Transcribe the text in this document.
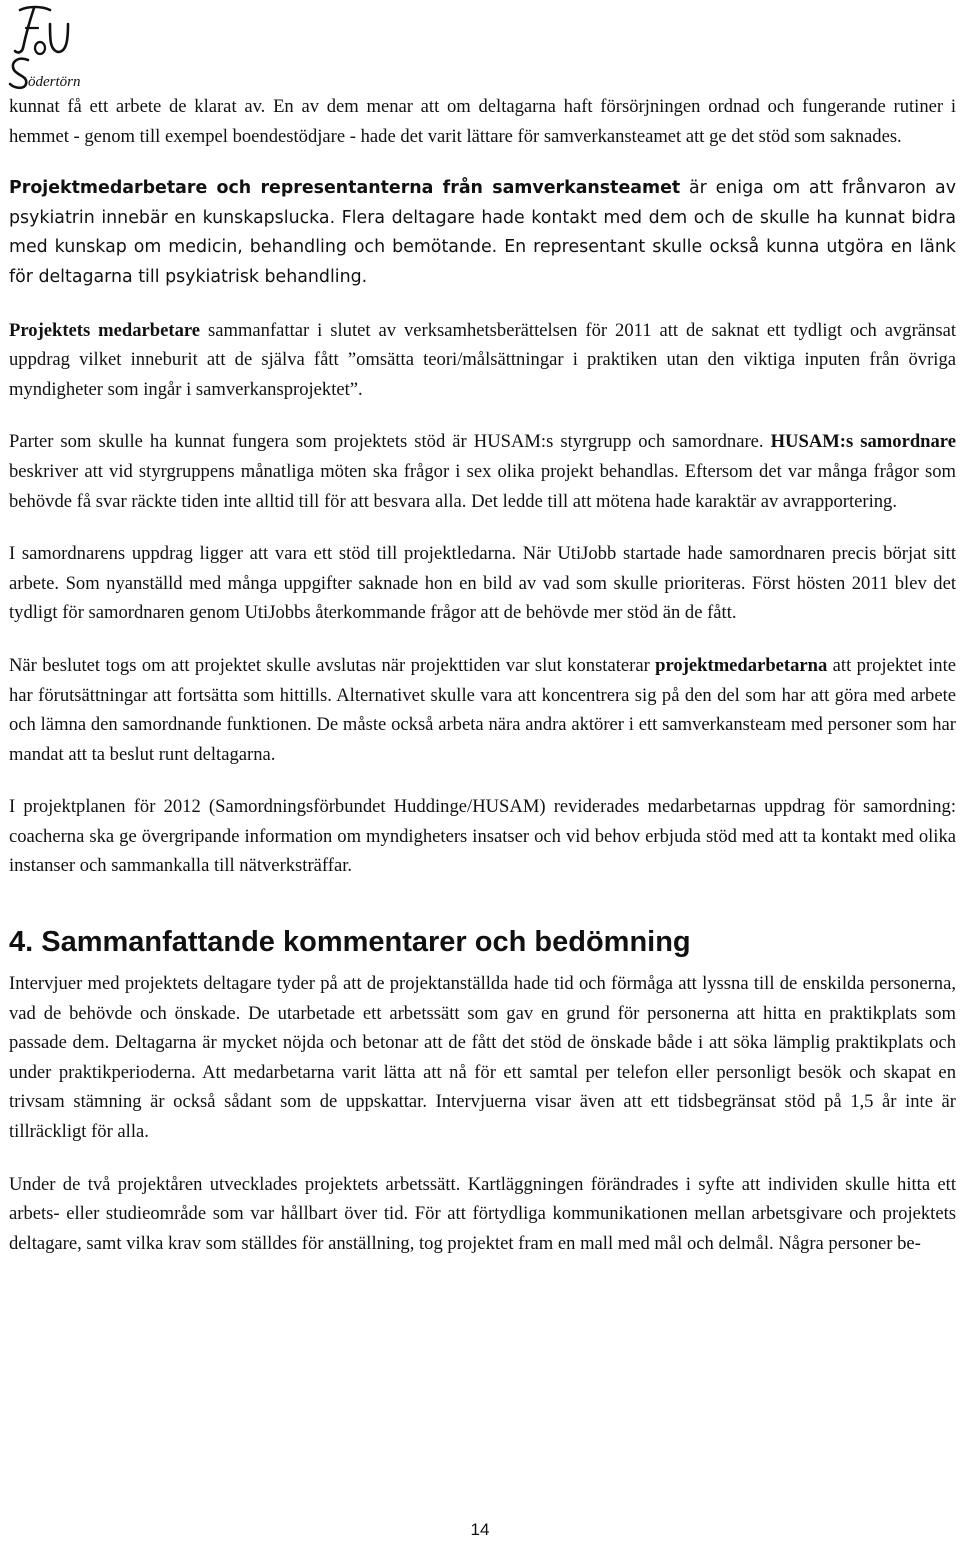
ödertörn

kunnat få ett arbete de klarat av. En av dem menar att om deltagarna haft försörjningen ordnad och fungerande rutiner i hemmet - genom till exempel boendestödjare - hade det varit lättare för samverkansteamet att ge det stöd som saknades.

Projektmedarbetare och representanterna från samverkansteamet är eniga om att frånvaron av psykiatrin innebär en kunskapslucka. Flera deltagare hade kontakt med dem och de skulle ha kunnat bidra med kunskap om medicin, behandling och bemötande. En representant skulle också kunna utgöra en länk för deltagarna till psykiatrisk behandling.

Projektets medarbetare sammanfattar i slutet av verksamhetsberättelsen för 2011 att de saknat ett tydligt och avgränsat uppdrag vilket inneburit att de själva fått ”omsätta teori/målsättningar i praktiken utan den viktiga inputen från övriga myndigheter som ingår i samverkansprojektet”.

Parter som skulle ha kunnat fungera som projektets stöd är HUSAM:s styrgrupp och samordnare. HUSAM:s samordnare beskriver att vid styrgruppens månatliga möten ska frågor i sex olika projekt behandlas. Eftersom det var många frågor som behövde få svar räckte tiden inte alltid till för att besvara alla. Det ledde till att mötena hade karaktär av avrapportering.

I samordnarens uppdrag ligger att vara ett stöd till projektledarna. När UtiJobb startade hade samordnaren precis börjat sitt arbete. Som nyanställd med många uppgifter saknade hon en bild av vad som skulle prioriteras. Först hösten 2011 blev det tydligt för samordnaren genom UtiJobbs återkommande frågor att de behövde mer stöd än de fått.

När beslutet togs om att projektet skulle avslutas när projekttiden var slut konstaterar projektmedarbetarna att projektet inte har förutsättningar att fortsätta som hittills. Alternativet skulle vara att koncentrera sig på den del som har att göra med arbete och lämna den samordnande funktionen. De måste också arbeta nära andra aktörer i ett samverkansteam med personer som har mandat att ta beslut runt deltagarna.

I projektplanen för 2012 (Samordningsförbundet Huddinge/HUSAM) reviderades medarbetarnas uppdrag för samordning: coacherna ska ge övergripande information om myndigheters insatser och vid behov erbjuda stöd med att ta kontakt med olika instanser och sammankalla till nätverksträffar.

4. Sammanfattande kommentarer och bedömning

Intervjuer med projektets deltagare tyder på att de projektanställda hade tid och förmåga att lyssna till de enskilda personerna, vad de behövde och önskade. De utarbetade ett arbetssätt som gav en grund för personerna att hitta en praktikplats som passade dem. Deltagarna är mycket nöjda och betonar att de fått det stöd de önskade både i att söka lämplig praktikplats och under praktikperioderna. Att medarbetarna varit lätta att nå för ett samtal per telefon eller personligt besök och skapat en trivsam stämning är också sådant som de uppskattar. Intervjuerna visar även att ett tidsbegränsat stöd på 1,5 år inte är tillräckligt för alla.

Under de två projektåren utvecklades projektets arbetssätt. Kartläggningen förändrades i syfte att individen skulle hitta ett arbets- eller studieområde som var hållbart över tid. För att förtydliga kommunikationen mellan arbetsgivare och projektets deltagare, samt vilka krav som ställdes för anställning, tog projektet fram en mall med mål och delmål. Några personer be-

14
